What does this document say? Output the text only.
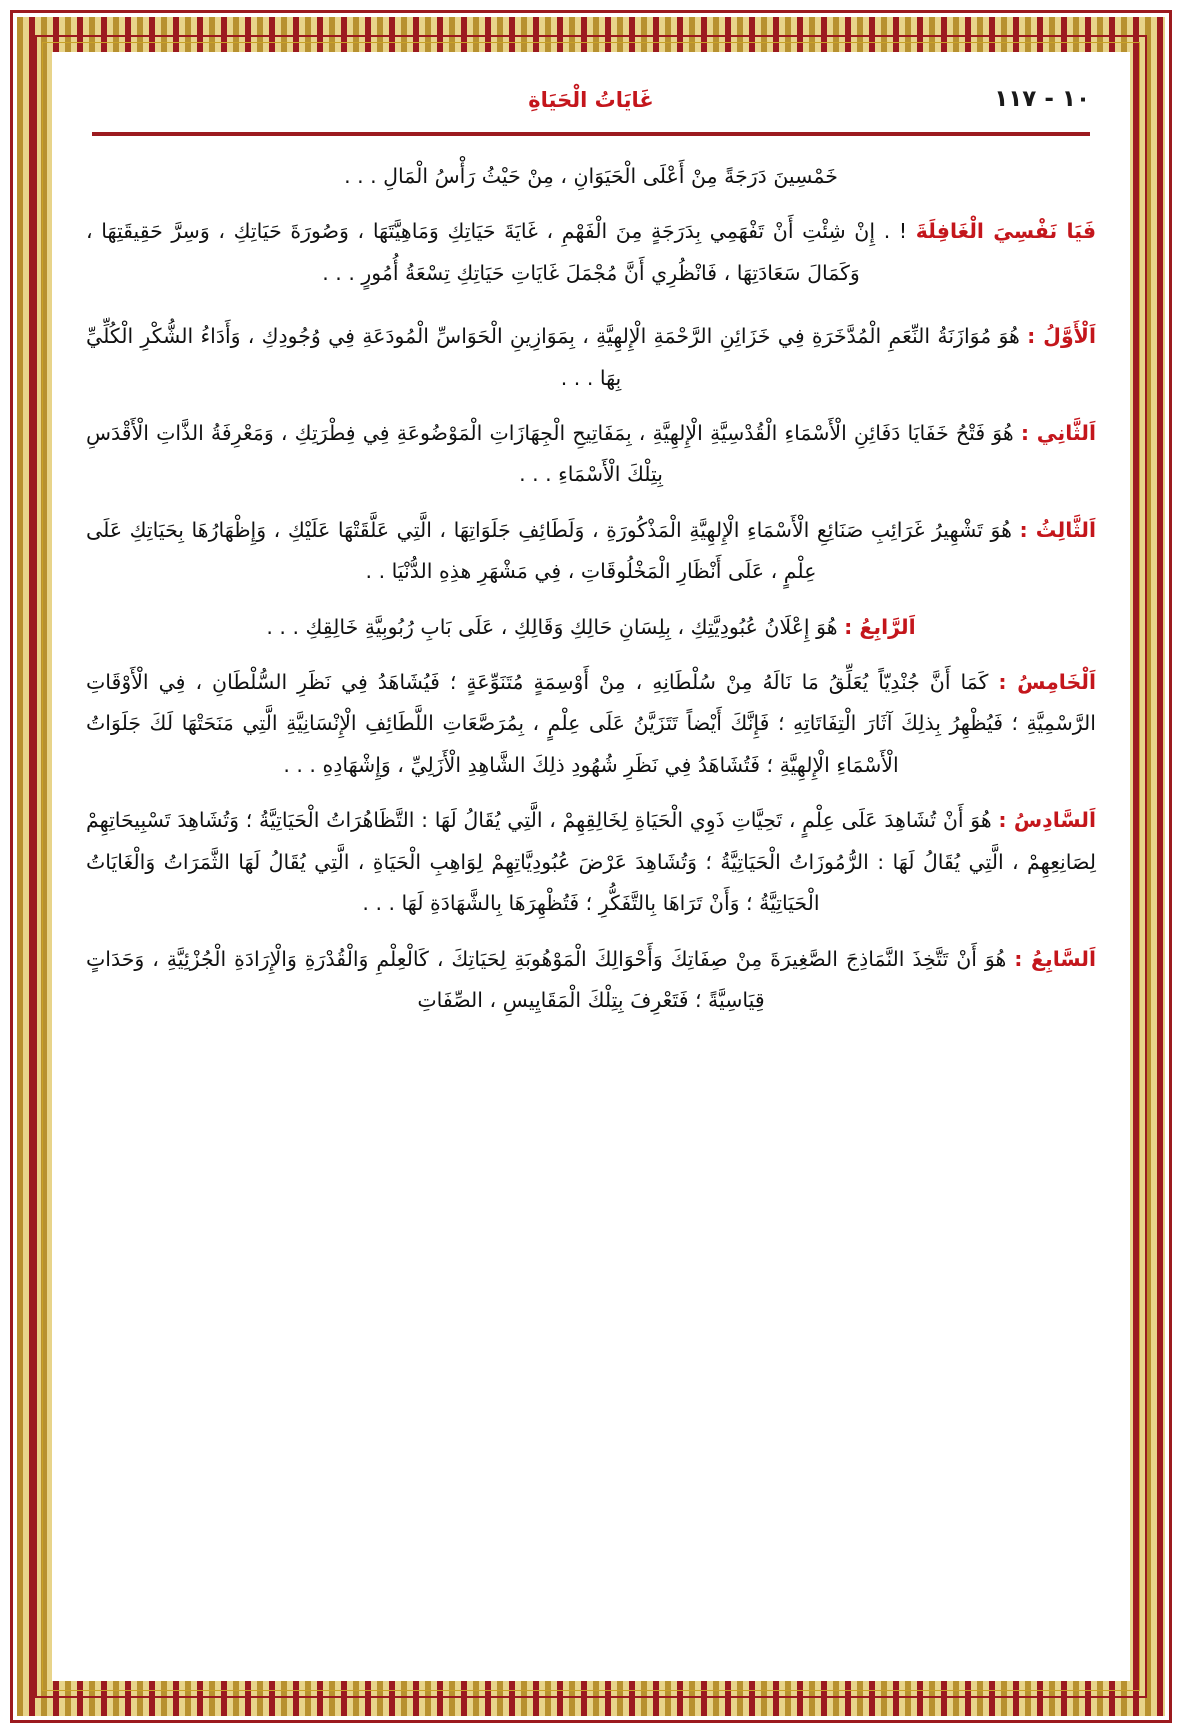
١٠ - ١١٧
غَايَاتُ الْحَيَاةِ

خَمْسِينَ دَرَجَةً مِنْ أَعْلَى الْحَيَوَانِ ، مِنْ حَيْثُ رَأْسُ الْمَالِ . . .

فَيَا نَفْسِيَ الْغَافِلَةَ ! . إِنْ شِئْتِ أَنْ تَفْهَمِي بِدَرَجَةٍ مِنَ الْفَهْمِ ، غَايَةَ حَيَاتِكِ وَمَاهِيَّتَهَا ، وَصُورَةَ حَيَاتِكِ ، وَسِرَّ حَقِيقَتِهَا ، وَكَمَالَ سَعَادَتِهَا ، فَانْظُرِي أَنَّ مُجْمَلَ غَايَاتِ حَيَاتِكِ تِسْعَةُ أُمُورٍ . . .

اَلْأَوَّلُ : هُوَ مُوَازَنَةُ النِّعَمِ الْمُدَّخَرَةِ فِي خَزَائِنِ الرَّحْمَةِ الْإِلهِيَّةِ ، بِمَوَازِينِ الْحَوَاسِّ الْمُودَعَةِ فِي وُجُودِكِ ، وَأَدَاءُ الشُّكْرِ الْكُلِّيِّ بِهَا . . .

اَلثَّانِي : هُوَ فَتْحُ خَفَايَا دَفَائِنِ الْأَسْمَاءِ الْقُدْسِيَّةِ الْإِلهِيَّةِ ، بِمَفَاتِيحِ الْجِهَازَاتِ الْمَوْضُوعَةِ فِي فِطْرَتِكِ ، وَمَعْرِفَةُ الذَّاتِ الْأَقْدَسِ بِتِلْكَ الْأَسْمَاءِ . . .

اَلثَّالِثُ : هُوَ تَشْهِيرُ غَرَائِبِ صَنَائِعِ الْأَسْمَاءِ الْإِلهِيَّةِ الْمَذْكُورَةِ ، وَلَطَائِفِ جَلَوَاتِهَا ، الَّتِي عَلَّقَتْهَا عَلَيْكِ ، وَإِظْهَارُهَا بِحَيَاتِكِ عَلَى عِلْمٍ ، عَلَى أَنْظَارِ الْمَخْلُوقَاتِ ، فِي مَشْهَرِ هذِهِ الدُّنْيَا . .

اَلرَّابِعُ : هُوَ إِعْلَانُ عُبُودِيَّتِكِ ، بِلِسَانِ حَالِكِ وَقَالِكِ ، عَلَى بَابِ رُبُوبِيَّةِ خَالِقِكِ . . .

اَلْخَامِسُ : كَمَا أَنَّ جُنْدِيّاً يُعَلِّقُ مَا نَالَهُ مِنْ سُلْطَانِهِ ، مِنْ أَوْسِمَةٍ مُتَنَوِّعَةٍ ؛ فَيُشَاهَدُ فِي نَظَرِ السُّلْطَانِ ، فِي الْأَوْقَاتِ الرَّسْمِيَّةِ ؛ فَيُظْهِرُ بِذلِكَ آثَارَ الْتِفَاتَاتِهِ ؛ فَإِنَّكَ أَيْضاً تَتَزَيَّنُ عَلَى عِلْمٍ ، بِمُرَصَّعَاتِ اللَّطَائِفِ الْإِنْسَانِيَّةِ الَّتِي مَنَحَتْهَا لَكَ جَلَوَاتُ الْأَسْمَاءِ الْإِلهِيَّةِ ؛ فَتُشَاهَدُ فِي نَظَرِ شُهُودِ ذلِكَ الشَّاهِدِ الْأَزَلِيِّ ، وَإِشْهَادِهِ . . .

اَلسَّادِسُ : هُوَ أَنْ تُشَاهِدَ عَلَى عِلْمٍ ، تَحِيَّاتِ ذَوِي الْحَيَاةِ لِخَالِقِهِمْ ، الَّتِي يُقَالُ لَهَا : التَّظَاهُرَاتُ الْحَيَاتِيَّةُ ؛ وَتُشَاهِدَ تَسْبِيحَاتِهِمْ لِصَانِعِهِمْ ، الَّتِي يُقَالُ لَهَا : الرُّمُوزَاتُ الْحَيَاتِيَّةُ ؛ وَتُشَاهِدَ عَرْضَ عُبُودِيَّاتِهِمْ لِوَاهِبِ الْحَيَاةِ ، الَّتِي يُقَالُ لَهَا الثَّمَرَاتُ وَالْغَايَاتُ الْحَيَاتِيَّةُ ؛ وَأَنْ تَرَاهَا بِالتَّفَكُّرِ ؛ فَتُظْهِرَهَا بِالشَّهَادَةِ لَهَا . . .

اَلسَّابِعُ : هُوَ أَنْ تَتَّخِذَ النَّمَاذِجَ الصَّغِيرَةَ مِنْ صِفَاتِكَ وَأَحْوَالِكَ الْمَوْهُوبَةِ لِحَيَاتِكَ ، كَالْعِلْمِ وَالْقُدْرَةِ وَالْإِرَادَةِ الْجُزْئِيَّةِ ، وَحَدَاتٍ قِيَاسِيَّةً ؛ فَتَعْرِفَ بِتِلْكَ الْمَقَايِيسِ ، الصِّفَاتِ
